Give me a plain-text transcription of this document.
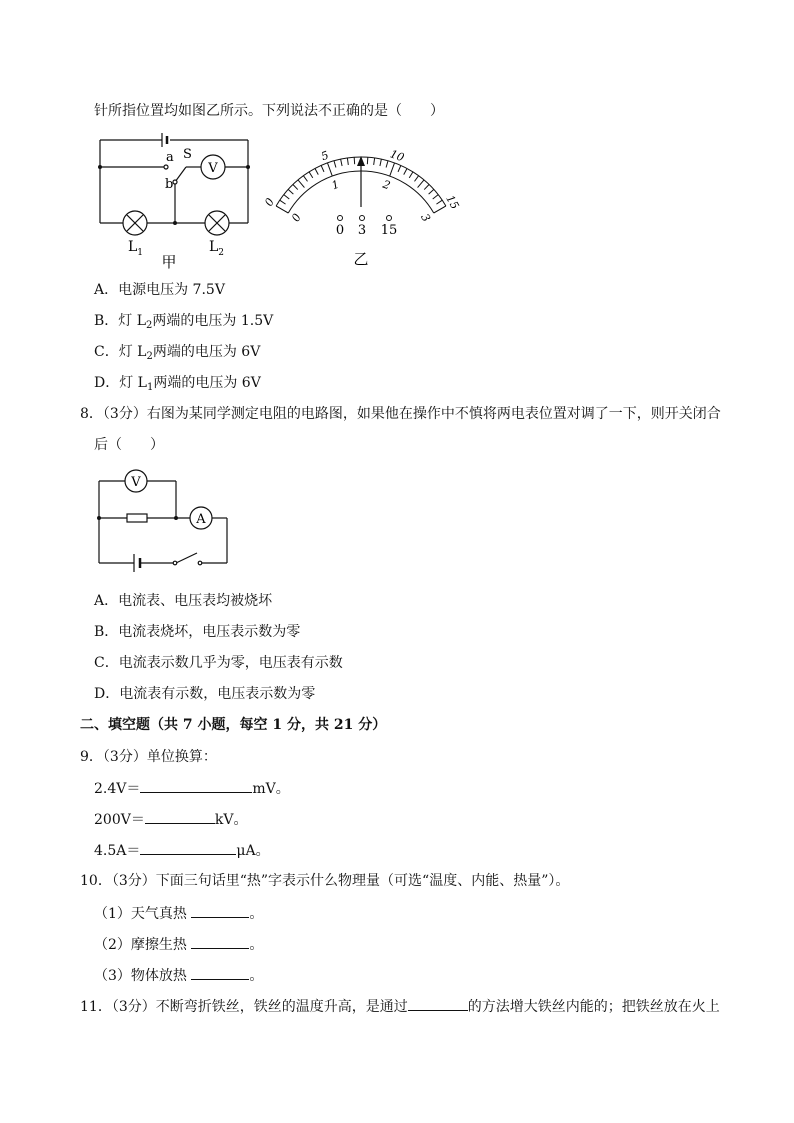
针所指位置均如图乙所示。下列说法不正确的是（　　）
a S
b
V
$L_1$	$L_2$
甲
0
5	10
15
0
1	2
3
0 3 15
乙
A．电源电压为 7.5V
B．灯 $L_2$两端的电压为 1.5V
C．灯 $L_2$两端的电压为 6V
D．灯 $L_1$两端的电压为 6V
8．（3分）右图为某同学测定电阻的电路图，如果他在操作中不慎将两电表位置对调了一下，则开关闭合
后（　　）
V
A
A．电流表、电压表均被烧坏
B．电流表烧坏，电压表示数为零
C．电流表示数几乎为零，电压表有示数
D．电流表有示数，电压表示数为零
二、填空题（共 7 小题，每空 1 分，共 21 分）
9．（3分）单位换算：
2.4V＝	mV。
200V＝	kV。
4.5A＝	μA。
10．（3分）下面三句话里“热”字表示什么物理量（可选“温度、内能、热量”）。
（1）天气真热	。
（2）摩擦生热	。
（3）物体放热	。
11．（3分）不断弯折铁丝，铁丝的温度升高，是通过	的方法增大铁丝内能的；把铁丝放在火上
